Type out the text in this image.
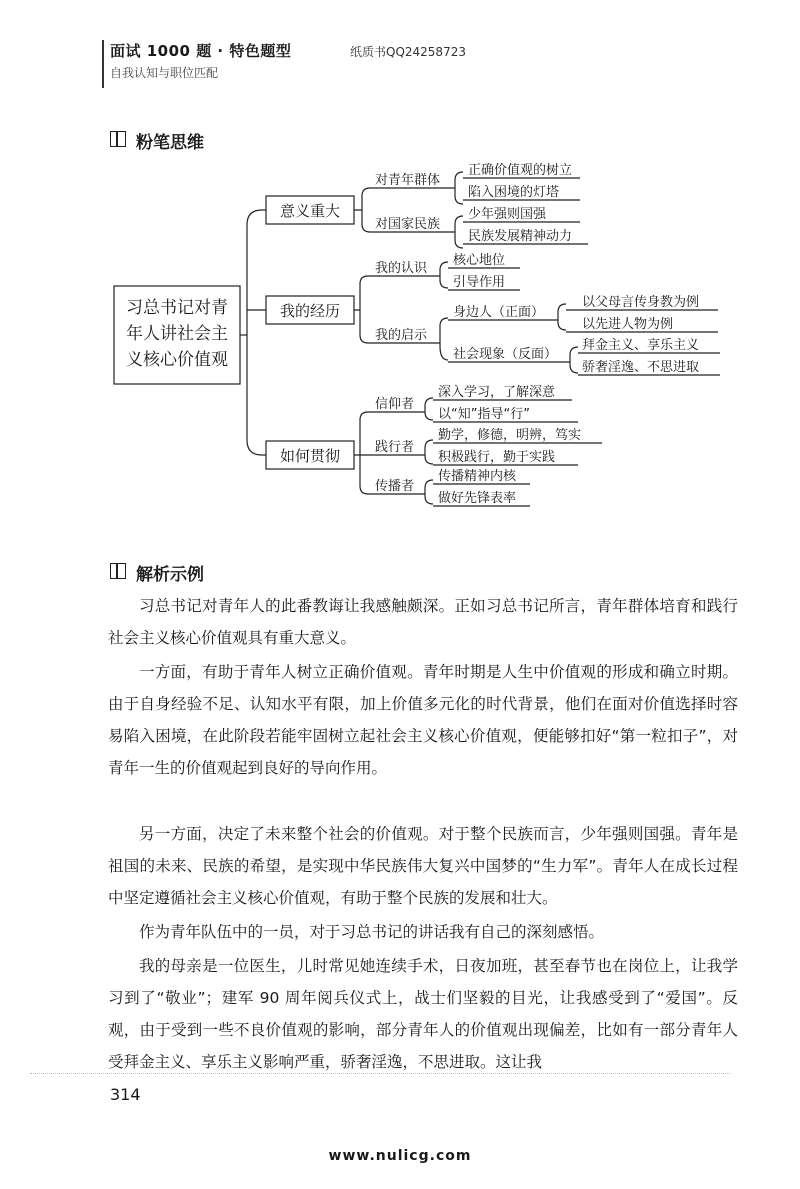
面试 1000 题 · 特色题型
自我认知与职位匹配
纸质书QQ24258723
粉笔思维
习总书记对青
年人讲社会主
义核心价值观
意义重大
我的经历
如何贯彻
对青年群体
对国家民族
正确价值观的树立
陷入困境的灯塔
少年强则国强
民族发展精神动力
我的认识
我的启示
核心地位
引导作用
身边人（正面）
社会现象（反面）
以父母言传身教为例
以先进人物为例
拜金主义、享乐主义
骄奢淫逸、不思进取
信仰者
践行者
传播者
深入学习，了解深意
以“知”指导“行”
勤学，修德，明辨，笃实
积极践行，勤于实践
传播精神内核
做好先锋表率
解析示例
习总书记对青年人的此番教诲让我感触颇深。正如习总书记所言，青年群体培育和践行社会主义核心价值观具有重大意义。
一方面，有助于青年人树立正确价值观。青年时期是人生中价值观的形成和确立时期。由于自身经验不足、认知水平有限，加上价值多元化的时代背景，他们在面对价值选择时容易陷入困境，在此阶段若能牢固树立起社会主义核心价值观，便能够扣好“第一粒扣子”，对青年一生的价值观起到良好的导向作用。
另一方面，决定了未来整个社会的价值观。对于整个民族而言，少年强则国强。青年是祖国的未来、民族的希望，是实现中华民族伟大复兴中国梦的“生力军”。青年人在成长过程中坚定遵循社会主义核心价值观，有助于整个民族的发展和壮大。
作为青年队伍中的一员，对于习总书记的讲话我有自己的深刻感悟。
我的母亲是一位医生，儿时常见她连续手术，日夜加班，甚至春节也在岗位上，让我学习到了“敬业”；建军 90 周年阅兵仪式上，战士们坚毅的目光，让我感受到了“爱国”。反观，由于受到一些不良价值观的影响，部分青年人的价值观出现偏差，比如有一部分青年人受拜金主义、享乐主义影响严重，骄奢淫逸，不思进取。这让我
314
www.nulicg.com
